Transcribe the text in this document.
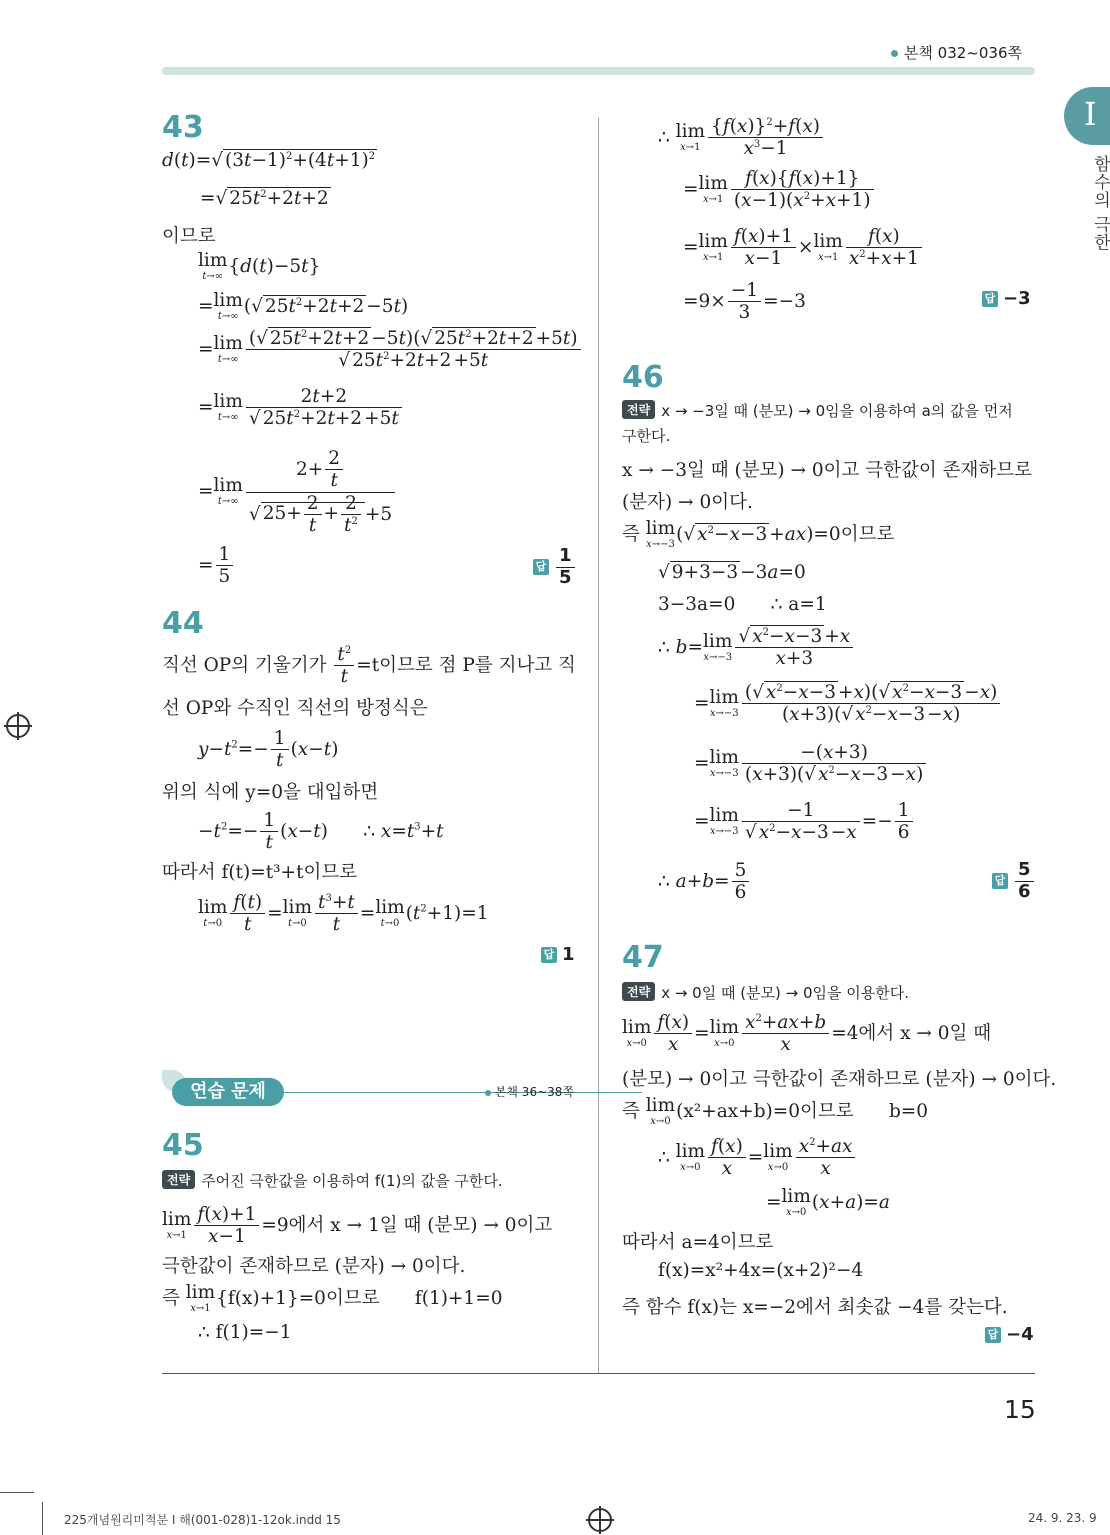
본책 032~036쪽
I
함수의 극한
43
d(t)=√ $(3t-1)^2+(4t+1)^2$
=√ $25t^2+2t+2$
이므로
lim
t→∞ {d(t)−5t}
=lim
t→∞ (√ $25t^2+2t+2 -5t$)
=lim
$t\to\infty \frac{(√ 25t^2+2t+2 -5t)(√ 25t^2+2t+2 +5t)}{√ 25t^2+2t+2 +5t}$
=lim
$t\to\infty \frac{2t+2}{√ 25t^2+2t+2 +5t}$
=lim
$t\to\infty \frac{2+ \frac{2}{t}}{√ 25+ \frac{2}{t} + \frac{2}{t^2} +5}$
= $\frac{1}{5}$	답 $\frac{1}{5}$
44
직선 OP의 기울기가 $\frac{t^2}{t} =t$이므로 점 P를 지나고 직
선 OP와 수직인 직선의 방정식은
$y-t^2=- \frac{1}{t} (x-t)$
위의 식에 y=0을 대입하면
$-t^2=- \frac{1}{t} (x-t)$      ∴ $x=t^3+t$
따라서 f(t)=t³+t이므로
lim
$t\to 0 \frac{f(t)}{t} =\lim$
$t\to 0 \frac{t^3+t}{t} =\lim$
t→0 $(t^2+1)=1$
답 1
연습 문제	본책 36~38쪽
45
전략 주어진 극한값을 이용하여 f(1)의 값을 구한다.
lim
$x\to 1 \frac{f(x)+1}{x-1} =9$에서 x → 1일 때 (분모) → 0이고
극한값이 존재하므로 (분자) → 0이다.
즉 lim
x→1 {f(x)+1}=0이므로 f(1)+1=0
∴ f(1)=−1
∴ lim
$x\to 1 \frac{\{f(x)\}^2+f(x)}{x^3-1}$
=lim
$x\to 1 \frac{f(x)\{f(x)+1\}}{(x-1)(x^2+x+1)}$
=lim
$x\to 1 \frac{f(x)+1}{x-1} \times\lim$
$x\to 1 \frac{f(x)}{x^2+x+1}$
$=9\times \frac{-1}{3} =-3$	답 −3
46
전략 x → −3일 때 (분모) → 0임을 이용하여 a의 값을 먼저
구한다.
x → −3일 때 (분모) → 0이고 극한값이 존재하므로
(분자) → 0이다.
즉 lim
x→−3 (√ $x^2-x-3 +ax)=0$이므로
√ 9+3−3 −3a=0
3−3a=0 ∴ a=1
∴ b=lim
$x\to-3 \frac{√ x^2-x-3 +x}{x+3}$
=lim
$x\to-3 \frac{(√ x^2-x-3 +x)(√ x^2-x-3 -x)}{(x+3)(√ x^2-x-3 -x)}$
=lim
$x\to-3 \frac{-(x+3)}{(x+3)(√ x^2-x-3 -x)}$
=lim
$x\to-3 \frac{-1}{√ x^2-x-3 -x} =- \frac{1}{6}$
∴ $a+b= \frac{5}{6}$	답 $\frac{5}{6}$
47
전략 x → 0일 때 (분모) → 0임을 이용한다.
lim
$x\to 0 \frac{f(x)}{x} =\lim$
$x\to 0 \frac{x^2+ax+b}{x} =4$에서 x → 0일 때
(분모) → 0이고 극한값이 존재하므로 (분자) → 0이다.
즉 lim
x→0 (x²+ax+b)=0이므로 b=0
∴ lim
$x\to 0 \frac{f(x)}{x} =\lim$
$x\to 0 \frac{x^2+ax}{x}$
=lim
x→0 (x+a)=a
따라서 a=4이므로
f(x)=x²+4x=(x+2)²−4
즉 함수 f(x)는 x=−2에서 최솟값 −4를 갖는다.
답 −4
15
225개념원리미적분 I 해(001-028)1-12ok.indd 15	24. 9. 23. 9
